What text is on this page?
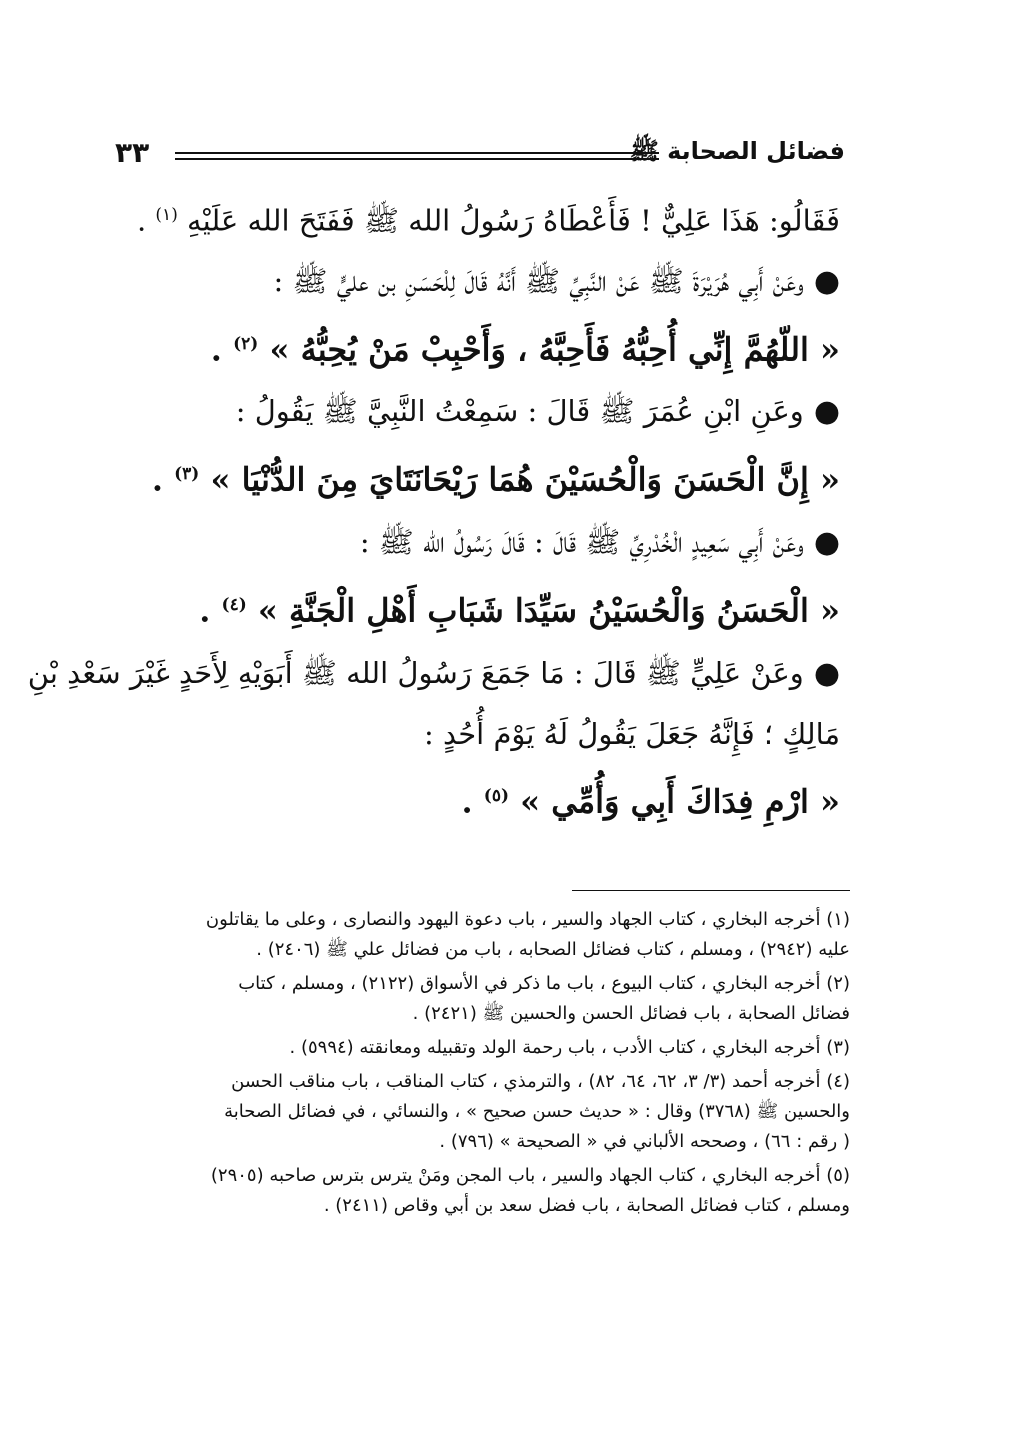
٣٣	فضائل الصحابة ﷺ

فَقَالُو: هَذَا عَلِيٌّ ! فَأَعْطَاهُ رَسُولُ الله ﷺ فَفَتَحَ الله عَلَيْهِ $^{(١)}$ .

●وعَنْ أَبِي هُرَيْرَةَ ﷺ عَنْ النَّبِيِّ ﷺ أَنَّهُ قَالَ لِلْحَسَنِ بن عليٍّ ﷺ :

« اللّهُمَّ إِنِّي أُحِبُّهُ فَأَحِبَّهُ ، وَأَحْبِبْ مَنْ يُحِبُّهُ » $^{(٢)}$ .

●وعَنِ ابْنِ عُمَرَ ﷺ قَالَ : سَمِعْتُ النَّبِيَّ ﷺ يَقُولُ :

« إِنَّ الْحَسَنَ وَالْحُسَيْنَ هُمَا رَيْحَانَتَايَ مِنَ الدُّنْيَا » $^{(٣)}$ .

●وعَنْ أَبِي سَعِيدٍ الْخُدْرِيِّ ﷺ قَالَ : قَالَ رَسُولُ الله ﷺ :

« الْحَسَنُ وَالْحُسَيْنُ سَيِّدَا شَبَابِ أَهْلِ الْجَنَّةِ » $^{(٤)}$ .

●وعَنْ عَلِيٍّ ﷺ قَالَ : مَا جَمَعَ رَسُولُ الله ﷺ أَبَوَيْهِ لِأَحَدٍ غَيْرَ سَعْدِ بْنِ

مَالِكٍ ؛ فَإِنَّهُ جَعَلَ يَقُولُ لَهُ يَوْمَ أُحُدٍ :

« ارْمِ فِدَاكَ أَبِي وَأُمِّي » $^{(٥)}$ .

(١) أخرجه البخاري ، كتاب الجهاد والسير ، باب دعوة اليهود والنصارى ، وعلى ما يقاتلون

عليه (٢٩٤٢) ، ومسلم ، كتاب فضائل الصحابه ، باب من فضائل علي ﷺ (٢٤٠٦) .

(٢) أخرجه البخاري ، كتاب البيوع ، باب ما ذكر في الأسواق (٢١٢٢) ، ومسلم ، كتاب

فضائل الصحابة ، باب فضائل الحسن والحسين ﷺ (٢٤٢١) .

(٣) أخرجه البخاري ، كتاب الأدب ، باب رحمة الولد وتقبيله ومعانقته (٥٩٩٤) .

(٤) أخرجه أحمد (٣/ ٣، ٦٢، ٦٤، ٨٢) ، والترمذي ، كتاب المناقب ، باب مناقب الحسن

والحسين ﷺ (٣٧٦٨) وقال : « حديث حسن صحيح » ، والنسائي ، في فضائل الصحابة

( رقم : ٦٦) ، وصححه الألباني في « الصحيحة » (٧٩٦) .

(٥) أخرجه البخاري ، كتاب الجهاد والسير ، باب المجن ومَنْ يترس بترس صاحبه (٢٩٠٥)

ومسلم ، كتاب فضائل الصحابة ، باب فضل سعد بن أبي وقاص (٢٤١١) .
